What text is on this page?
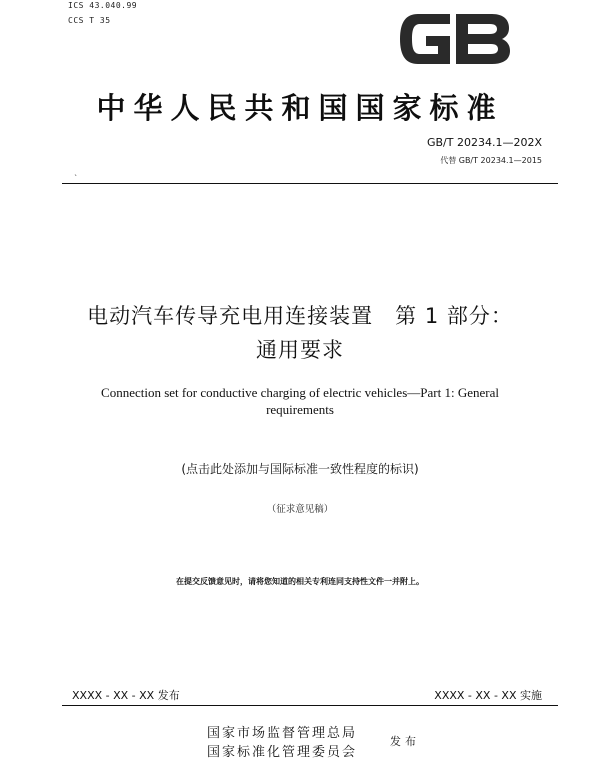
ICS 43.040.99
CCS T 35
中华人民共和国国家标准
GB/T 20234.1—202X
代替 GB/T 20234.1—2015
`
电动汽车传导充电用连接装置　第 1 部分：
通用要求
Connection set for conductive charging of electric vehicles—Part 1: General
requirements
(点击此处添加与国际标准一致性程度的标识)
（征求意见稿）
在提交反馈意见时，请将您知道的相关专利连同支持性文件一并附上。
XXXX - XX - XX 发布	XXXX - XX - XX 实施
国家市场监督管理总局
国家标准化管理委员会
发布
